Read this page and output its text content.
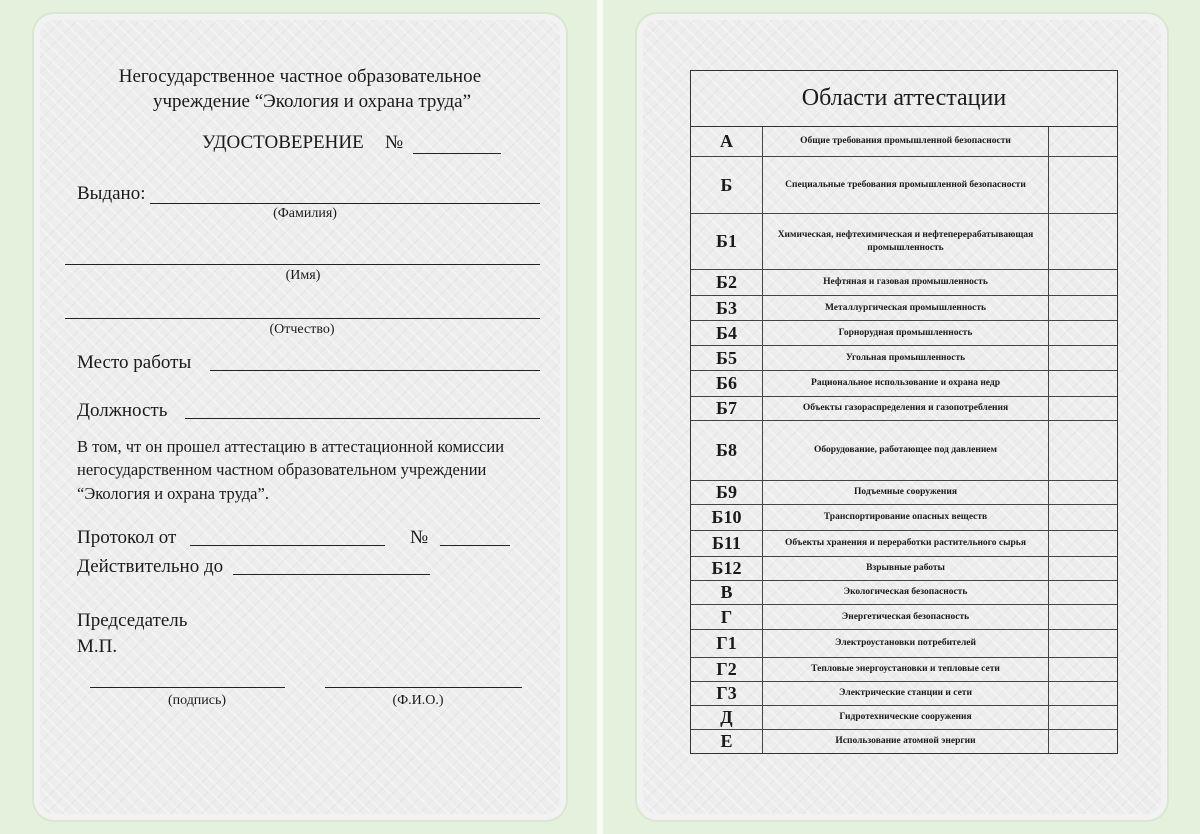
Негосударственное частное образовательное
учреждение “Экология и охрана труда”
УДОСТОВЕРЕНИЕ №
Выдано:
(Фамилия)
(Имя)
(Отчество)
Место работы
Должность
В том, чт он прошел аттестацию в аттестационной комиссии
негосударственном частном образовательном учреждении
“Экология и охрана труда”.
Протокол от	№
Действительно до
Председатель
М.П.
(подпись)	(Ф.И.О.)
Области аттестации
А	Общие требования промышленной безопасности
Б	Специальные требования промышленной безопасности
Б1	Химическая, нефтехимическая и нефтеперерабатывающая промышленность
Б2	Нефтяная и газовая промышленность
Б3	Металлургическая промышленность
Б4	Горнорудная промышленность
Б5	Угольная промышленность
Б6	Рациональное использование и охрана недр
Б7	Объекты газораспределения и газопотребления
Б8	Оборудование, работающее под давлением
Б9	Подъемные сооружения
Б10	Транспортирование опасных веществ
Б11	Объекты хранения и переработки растительного сырья
Б12	Взрывные работы
В	Экологическая безопасность
Г	Энергетическая безопасность
Г1	Электроустановки потребителей
Г2	Тепловые энергоустановки и тепловые сети
Г3	Электрические станции и сети
Д	Гидротехнические сооружения
Е	Использование атомной энергии
